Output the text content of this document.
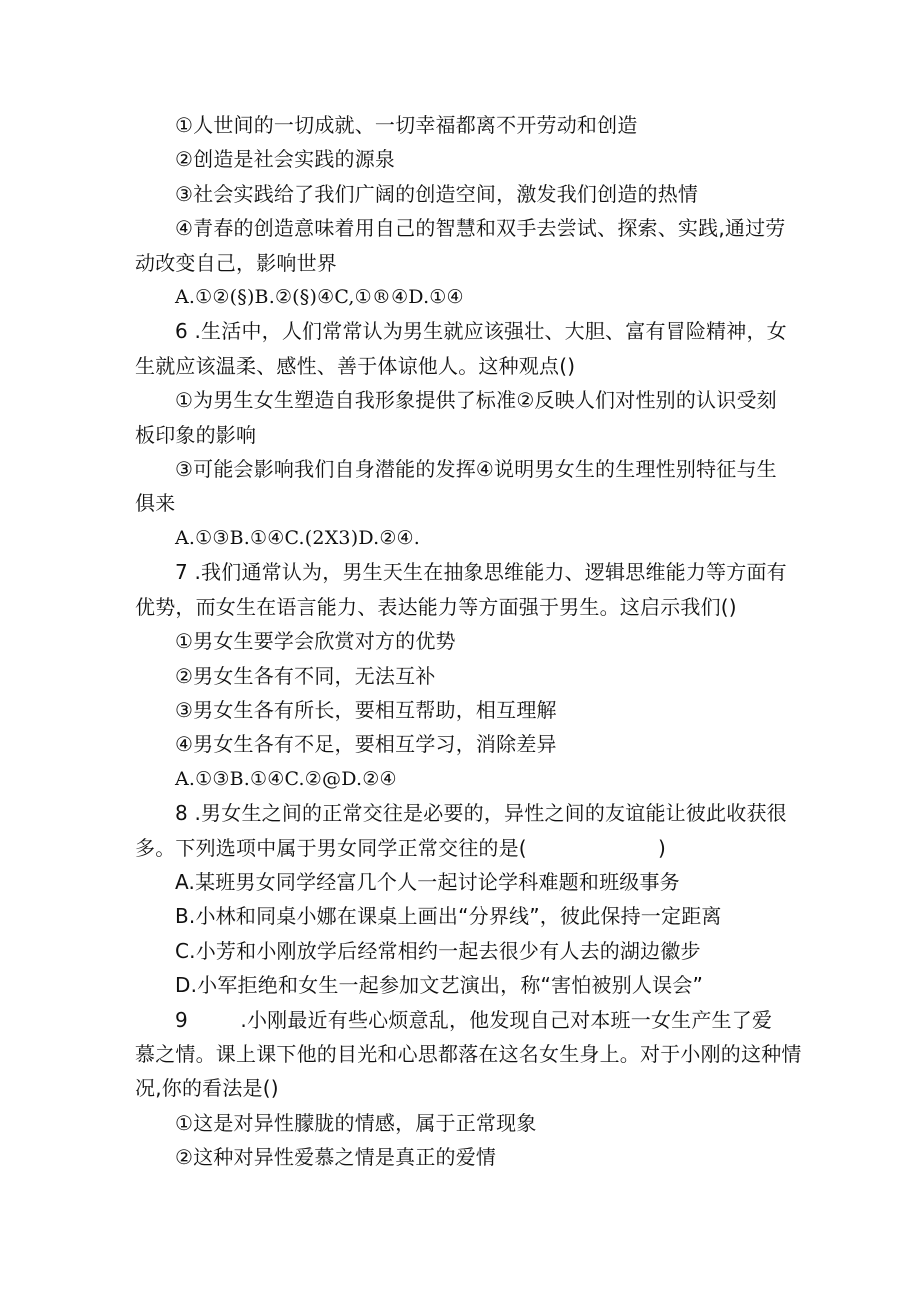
①人世间的一切成就、一切幸福都离不开劳动和创造
②创造是社会实践的源泉
③社会实践给了我们广阔的创造空间，激发我们创造的热情
④青春的创造意味着用自己的智慧和双手去尝试、探索、实践,通过劳
动改变自己，影响世界
A.①②(§)B.②(§)④C,①®④D.①④
6 .生活中，人们常常认为男生就应该强壮、大胆、富有冒险精神，女
生就应该温柔、感性、善于体谅他人。这种观点()
①为男生女生塑造自我形象提供了标准②反映人们对性别的认识受刻
板印象的影响
③可能会影响我们自身潜能的发挥④说明男女生的生理性别特征与生
俱来
A.①③B.①④C.(2X3)D.②④.
7 .我们通常认为，男生天生在抽象思维能力、逻辑思维能力等方面有
优势，而女生在语言能力、表达能力等方面强于男生。这启示我们()
①男女生要学会欣赏对方的优势
②男女生各有不同，无法互补
③男女生各有所长，要相互帮助，相互理解
④男女生各有不足，要相互学习，消除差异
A.①③B.①④C.②@D.②④
8 .男女生之间的正常交往是必要的，异性之间的友谊能让彼此收获很
多。下列选项中属于男女同学正常交往的是(                    )
A.某班男女同学经富几个人一起讨论学科难题和班级事务
B.小林和同桌小娜在课桌上画出“分界线”，彼此保持一定距离
C.小芳和小刚放学后经常相约一起去很少有人去的湖边徽步
D.小军拒绝和女生一起参加文艺演出，称“害怕被别人误会”
9        .小刚最近有些心烦意乱，他发现自己对本班一女生产生了爱
慕之情。课上课下他的目光和心思都落在这名女生身上。对于小刚的这种情
况,你的看法是()
①这是对异性朦胧的情感，属于正常现象
②这种对异性爱慕之情是真正的爱情
